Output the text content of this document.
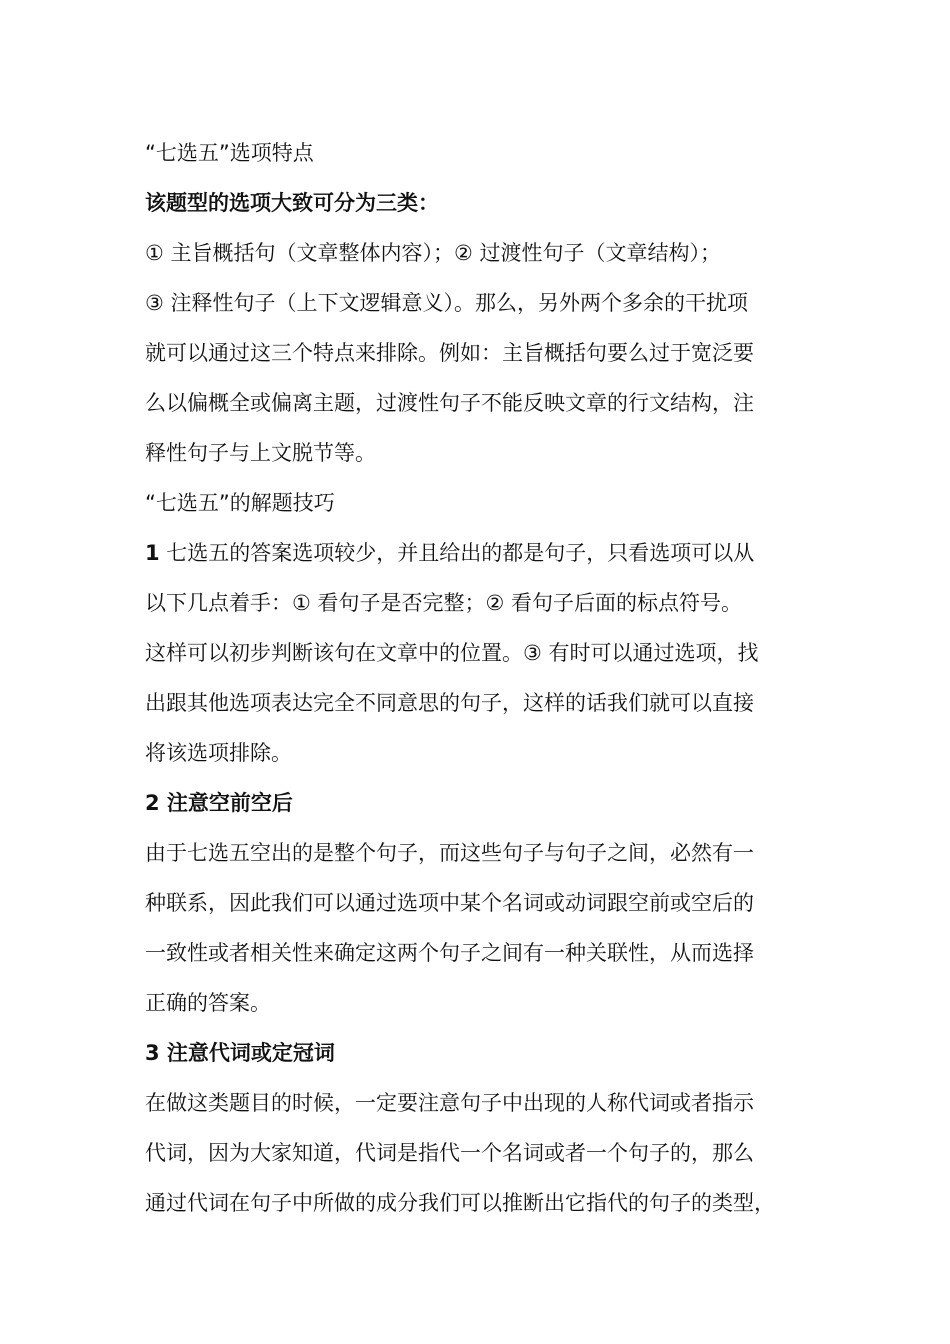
“七选五”选项特点

该题型的选项大致可分为三类：

① 主旨概括句（文章整体内容）；② 过渡性句子（文章结构）；

③ 注释性句子（上下文逻辑意义）。那么，另外两个多余的干扰项

就可以通过这三个特点来排除。例如：主旨概括句要么过于宽泛要

么以偏概全或偏离主题，过渡性句子不能反映文章的行文结构，注

释性句子与上文脱节等。

“七选五”的解题技巧

1 七选五的答案选项较少，并且给出的都是句子，只看选项可以从

以下几点着手：① 看句子是否完整；② 看句子后面的标点符号。

这样可以初步判断该句在文章中的位置。③ 有时可以通过选项，找

出跟其他选项表达完全不同意思的句子，这样的话我们就可以直接

将该选项排除。

2 注意空前空后

由于七选五空出的是整个句子，而这些句子与句子之间，必然有一

种联系，因此我们可以通过选项中某个名词或动词跟空前或空后的

一致性或者相关性来确定这两个句子之间有一种关联性，从而选择

正确的答案。

3 注意代词或定冠词

在做这类题目的时候，一定要注意句子中出现的人称代词或者指示

代词，因为大家知道，代词是指代一个名词或者一个句子的，那么

通过代词在句子中所做的成分我们可以推断出它指代的句子的类型，
